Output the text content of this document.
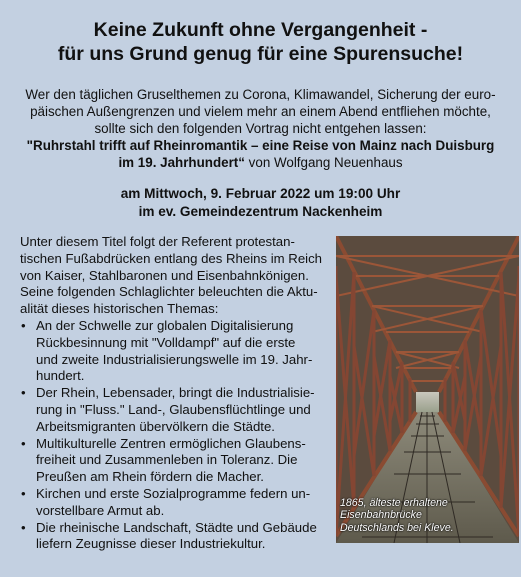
Keine Zukunft ohne Vergangenheit -
für uns Grund genug für eine Spurensuche!
Wer den täglichen Gruselthemen zu Corona, Klimawandel, Sicherung der euro-
päischen Außengrenzen und vielem mehr an einem Abend entfliehen möchte,
sollte sich den folgenden Vortrag nicht entgehen lassen:
"Ruhrstahl trifft auf Rheinromantik – eine Reise von Mainz nach Duisburg
im 19. Jahrhundert“ von Wolfgang Neuenhaus
am Mittwoch, 9. Februar 2022 um 19:00 Uhr
im ev. Gemeindezentrum Nackenheim
Unter diesem Titel folgt der Referent protestan-
tischen Fußabdrücken entlang des Rheins im Reich
von Kaiser, Stahlbaronen und Eisenbahnkönigen.
Seine folgenden Schlaglichter beleuchten die Aktu-
alität dieses historischen Themas:
• An der Schwelle zur globalen Digitalisierung
Rückbesinnung mit "Volldampf" auf die erste
und zweite Industrialisierungswelle im 19. Jahr-
hundert.
• Der Rhein, Lebensader, bringt die Industrialisie-
rung in "Fluss." Land-, Glaubensflüchtlinge und
Arbeitsmigranten übervölkern die Städte.
• Multikulturelle Zentren ermöglichen Glaubens-
freiheit und Zusammenleben in Toleranz. Die
Preußen am Rhein fördern die Macher.
• Kirchen und erste Sozialprogramme federn un-
vorstellbare Armut ab.
• Die rheinische Landschaft, Städte und Gebäude
liefern Zeugnisse dieser Industriekultur.
1865, älteste erhaltene Eisenbahnbrücke
Deutschlands bei Kleve.
